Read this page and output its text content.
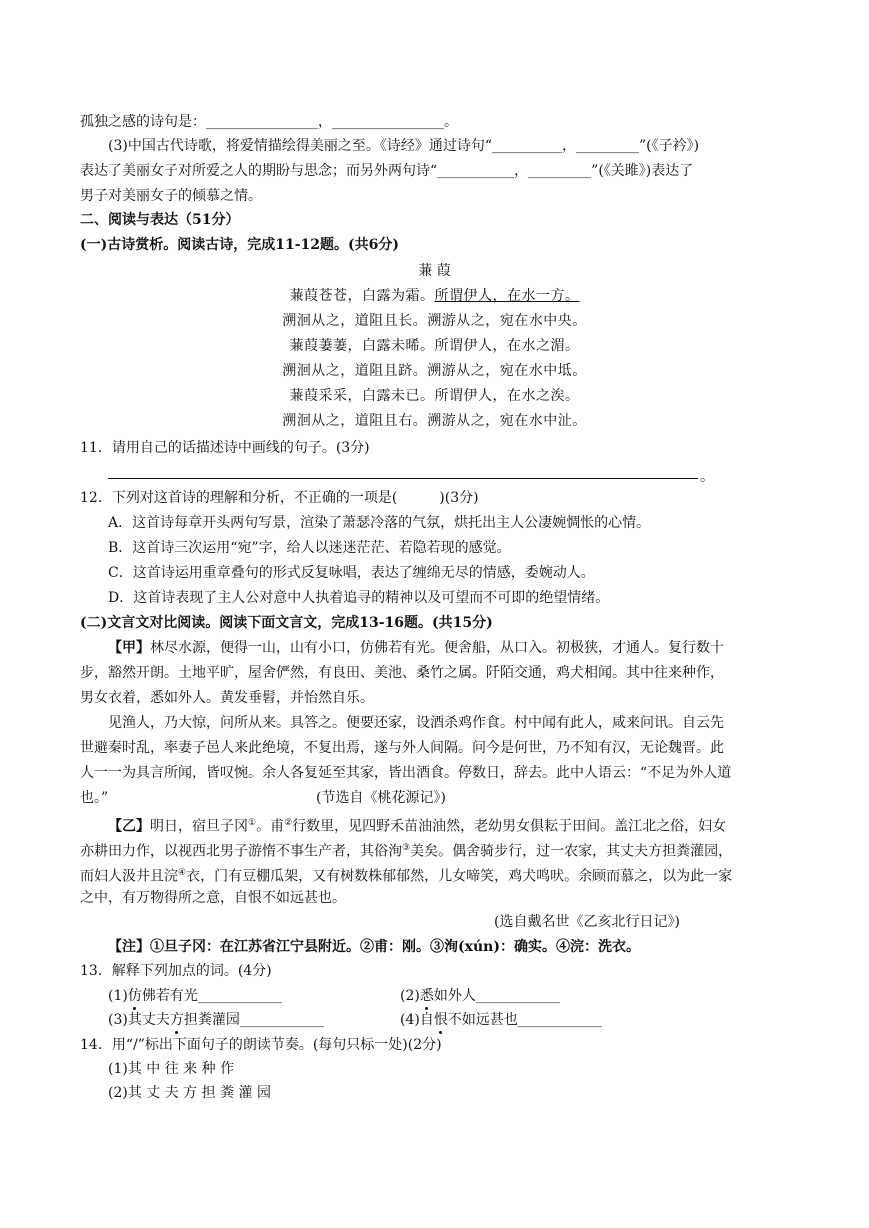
孤独之感的诗句是：________________，________________。
(3)中国古代诗歌，将爱情描绘得美丽之至。《诗经》通过诗句“__________，_________”(《子衿》)
表达了美丽女子对所爱之人的期盼与思念；而另外两句诗“___________，_________”(《关雎》)表达了
男子对美丽女子的倾慕之情。
二、阅读与表达（51分）
(一)古诗赏析。阅读古诗，完成11-12题。(共6分)
蒹 葭
蒹葭苍苍，白露为霜。所谓伊人，在水一方。
溯洄从之，道阻且长。溯游从之，宛在水中央。
蒹葭萋萋，白露未晞。所谓伊人，在水之湄。
溯洄从之，道阻且跻。溯游从之，宛在水中坻。
蒹葭采采，白露未已。所谓伊人，在水之涘。
溯洄从之，道阻且右。溯游从之，宛在水中沚。
11．请用自己的话描述诗中画线的句子。(3分)
。
12．下列对这首诗的理解和分析，不正确的一项是(　　　)(3分)
A．这首诗每章开头两句写景，渲染了萧瑟冷落的气氛，烘托出主人公凄婉惆怅的心情。
B．这首诗三次运用“宛”字，给人以迷迷茫茫、若隐若现的感觉。
C．这首诗运用重章叠句的形式反复咏唱，表达了缠绵无尽的情感，委婉动人。
D．这首诗表现了主人公对意中人执着追寻的精神以及可望而不可即的绝望情绪。
(二)文言文对比阅读。阅读下面文言文，完成13-16题。(共15分)
【甲】林尽水源，便得一山，山有小口，仿佛若有光。便舍船，从口入。初极狭，才通人。复行数十
步，豁然开朗。土地平旷，屋舍俨然，有良田、美池、桑竹之属。阡陌交通，鸡犬相闻。其中往来种作，
男女衣着，悉如外人。黄发垂髫，并怡然自乐。
见渔人，乃大惊，问所从来。具答之。便要还家，设酒杀鸡作食。村中闻有此人，咸来问讯。自云先
世避秦时乱，率妻子邑人来此绝境，不复出焉，遂与外人间隔。问今是何世，乃不知有汉，无论魏晋。此
人一一为具言所闻，皆叹惋。余人各复延至其家，皆出酒食。停数日，辞去。此中人语云：“不足为外人道
也。”	(节选自《桃花源记》)
【乙】明日，宿旦子冈①。甫②行数里，见四野禾苗油油然，老幼男女俱耘于田间。盖江北之俗，妇女
亦耕田力作，以视西北男子游惰不事生产者，其俗洵③美矣。偶舍骑步行，过一农家，其丈夫方担粪灌园，
而妇人汲井且浣④衣，门有豆棚瓜架，又有树数株郁郁然，儿女啼笑，鸡犬鸣吠。余顾而慕之，以为此一家
之中，有万物得所之意，自恨不如远甚也。
(选自戴名世《乙亥北行日记》)
【注】①旦子冈：在江苏省江宁县附近。②甫：刚。③洵(xún)：确实。④浣：洗衣。
13．解释下列加点的词。(4分)
(1)仿佛若有光____________	(2)悉如外人____________
(3)其丈夫方担粪灌园____________	(4)自恨不如远甚也____________
14．用“/”标出下面句子的朗读节奏。(每句只标一处)(2分)
(1)其 中 往 来 种 作
(2)其 丈 夫 方 担 粪 灌 园
